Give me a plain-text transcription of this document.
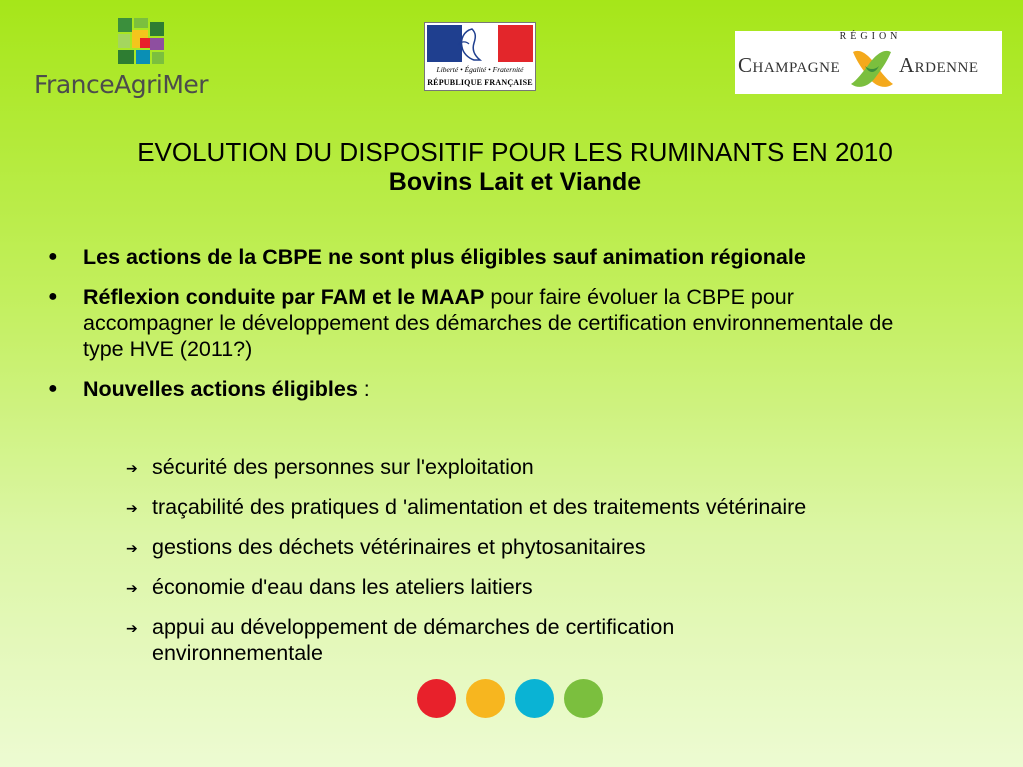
FranceAgriMer
Liberté • Égalité • Fraternité
RÉPUBLIQUE FRANÇAISE
RÉGION
Champagne	Ardenne
EVOLUTION DU DISPOSITIF POUR LES RUMINANTS EN 2010
Bovins Lait et Viande
● Les actions de la CBPE ne sont plus éligibles sauf animation régionale
● Réflexion conduite par FAM et le MAAP pour faire évoluer la CBPE pour accompagner le développement des démarches de certification environnementale de type HVE (2011?)
● Nouvelles actions éligibles :
➔ sécurité des personnes sur l'exploitation
➔ traçabilité des pratiques d 'alimentation et des traitements vétérinaire
➔ gestions des déchets vétérinaires et phytosanitaires
➔ économie d'eau dans les ateliers laitiers
➔ appui au développement de démarches de certification environnementale
